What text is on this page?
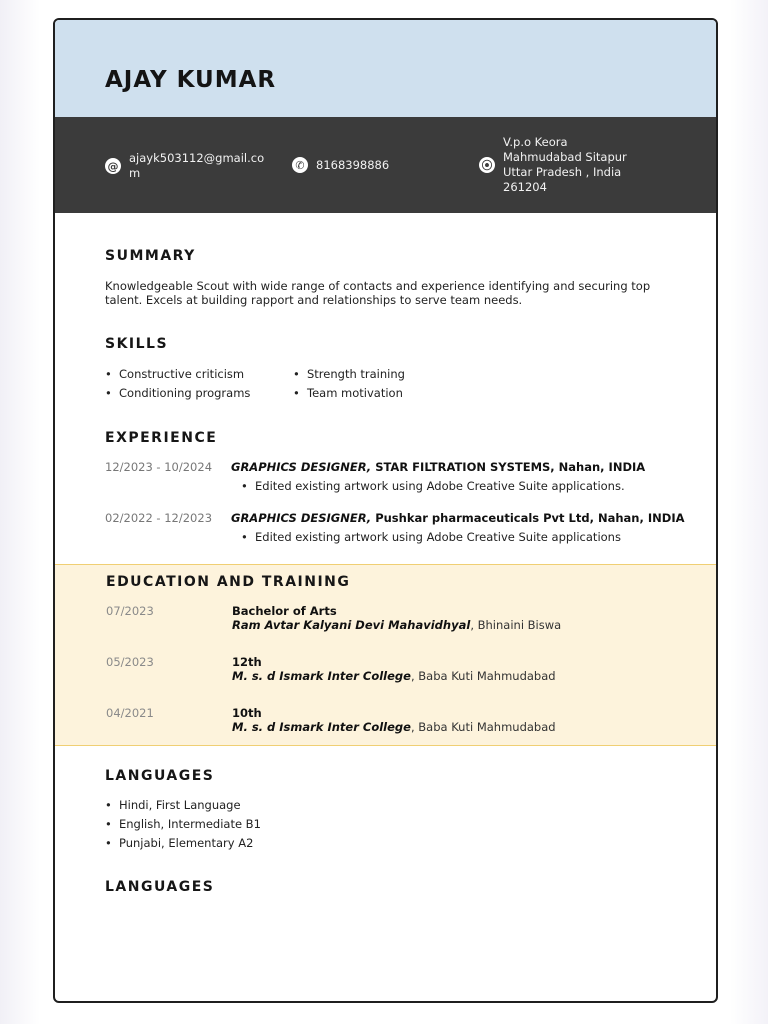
AJAY KUMAR
@
ajayk503112@gmail.com
✆ 8168398886	⦿
V.p.o Keora Mahmudabad Sitapur Uttar Pradesh , India 261204
SUMMARY
Knowledgeable Scout with wide range of contacts and experience identifying and securing top talent. Excels at building rapport and relationships to serve team needs.
SKILLS
• Constructive criticism
• Conditioning programs
• Strength training
• Team motivation
EXPERIENCE
12/2023 - 10/2024 GRAPHICS DESIGNER, STAR FILTRATION SYSTEMS, Nahan, INDIA
• Edited existing artwork using Adobe Creative Suite applications.
02/2022 - 12/2023 GRAPHICS DESIGNER, Pushkar pharmaceuticals Pvt Ltd, Nahan, INDIA
• Edited existing artwork using Adobe Creative Suite applications
EDUCATION AND TRAINING
07/2023	Bachelor of Arts
Ram Avtar Kalyani Devi Mahavidhyal, Bhinaini Biswa
05/2023	12th
M. s. d Ismark Inter College, Baba Kuti Mahmudabad
04/2021	10th
M. s. d Ismark Inter College, Baba Kuti Mahmudabad
LANGUAGES
• Hindi, First Language
• English, Intermediate B1
• Punjabi, Elementary A2
LANGUAGES
